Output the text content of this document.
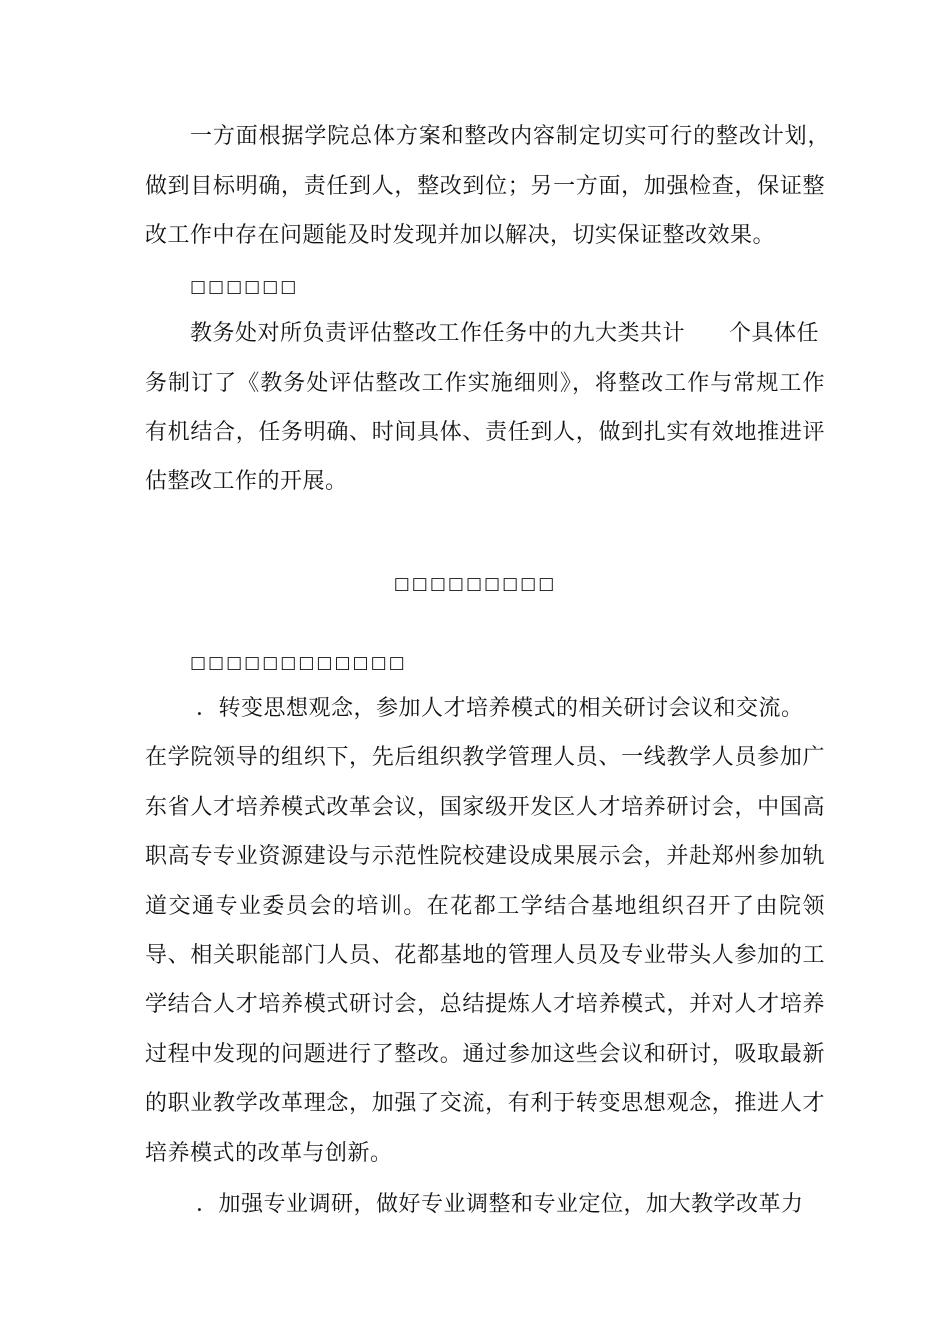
一方面根据学院总体方案和整改内容制定切实可行的整改计划，
做到目标明确，责任到人，整改到位；另一方面，加强检查，保证整
改工作中存在问题能及时发现并加以解决，切实保证整改效果。
□□□□□□
教务处对所负责评估整改工作任务中的九大类共计 个具体任
务制订了《教务处评估整改工作实施细则》，将整改工作与常规工作
有机结合，任务明确、时间具体、责任到人，做到扎实有效地推进评
估整改工作的开展。
□□□□□□□□□
□□□□□□□□□□□□
．转变思想观念，参加人才培养模式的相关研讨会议和交流。
在学院领导的组织下，先后组织教学管理人员、一线教学人员参加广
东省人才培养模式改革会议，国家级开发区人才培养研讨会，中国高
职高专专业资源建设与示范性院校建设成果展示会，并赴郑州参加轨
道交通专业委员会的培训。在花都工学结合基地组织召开了由院领
导、相关职能部门人员、花都基地的管理人员及专业带头人参加的工
学结合人才培养模式研讨会，总结提炼人才培养模式，并对人才培养
过程中发现的问题进行了整改。通过参加这些会议和研讨，吸取最新
的职业教学改革理念，加强了交流，有利于转变思想观念，推进人才
培养模式的改革与创新。
．加强专业调研，做好专业调整和专业定位，加大教学改革力
